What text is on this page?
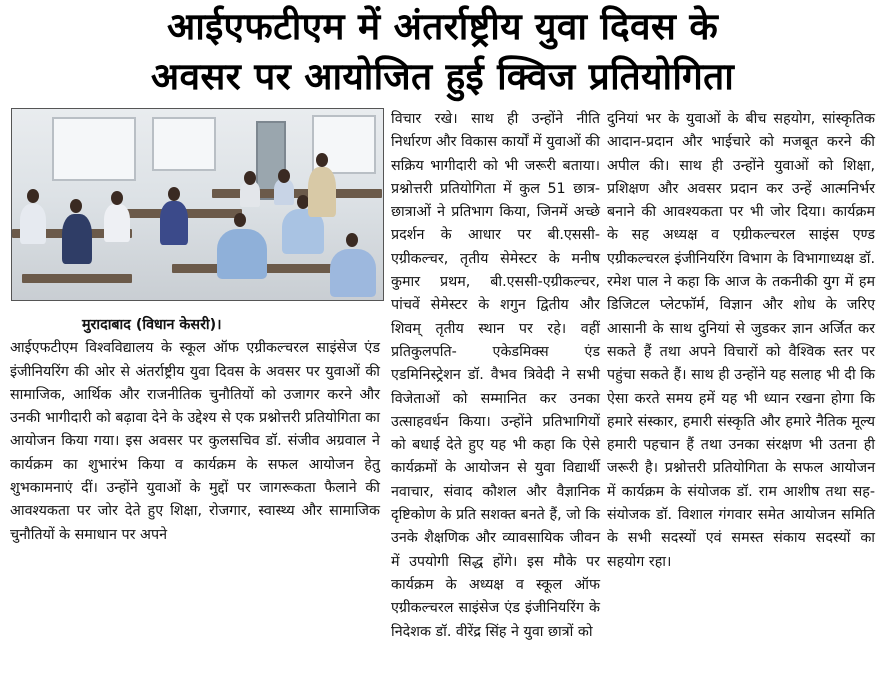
आईएफटीएम में अंतर्राष्ट्रीय युवा दिवस के
अवसर पर आयोजित हुई क्विज प्रतियोगिता

मुरादाबाद (विधान केसरी)।

आईएफटीएम विश्वविद्यालय के स्कूल ऑफ एग्रीकल्चरल साइंसेज एंड इंजीनियरिंग की ओर से अंतर्राष्ट्रीय युवा दिवस के अवसर पर युवाओं की सामाजिक, आर्थिक और राजनीतिक चुनौतियों को उजागर करने और उनकी भागीदारी को बढ़ावा देने के उद्देश्य से एक प्रश्नोत्तरी प्रतियोगिता का आयोजन किया गया। इस अवसर पर कुलसचिव डॉ. संजीव अग्रवाल ने कार्यक्रम का शुभारंभ किया व कार्यक्रम के सफल आयोजन हेतु शुभकामनाएं दीं। उन्होंने युवाओं के मुद्दों पर जागरूकता फैलाने की आवश्यकता पर जोर देते हुए शिक्षा, रोजगार, स्वास्थ्य और सामाजिक चुनौतियों के समाधान पर अपने

विचार रखे। साथ ही उन्होंने नीति निर्धारण और विकास कार्यों में युवाओं की सक्रिय भागीदारी को भी जरूरी बताया। प्रश्नोत्तरी प्रतियोगिता में कुल 51 छात्र-छात्राओं ने प्रतिभाग किया, जिनमें अच्छे प्रदर्शन के आधार पर बी.एससी-एग्रीकल्चर, तृतीय सेमेस्टर के मनीष कुमार प्रथम, बी.एससी-एग्रीकल्चर, पांचवें सेमेस्टर के शगुन द्वितीय और शिवम् तृतीय स्थान पर रहे। वहीं प्रतिकुलपति- एकेडमिक्स एंड एडमिनिस्ट्रेशन डॉ. वैभव त्रिवेदी ने सभी विजेताओं को सम्मानित कर उनका उत्साहवर्धन किया। उन्होंने प्रतिभागियों को बधाई देते हुए यह भी कहा कि ऐसे कार्यक्रमों के आयोजन से युवा विद्यार्थी नवाचार, संवाद कौशल और वैज्ञानिक दृष्टिकोण के प्रति सशक्त बनते हैं, जो कि उनके शैक्षणिक और व्यावसायिक जीवन में उपयोगी सिद्ध होंगे। इस मौके पर कार्यक्रम के अध्यक्ष व स्कूल ऑफ एग्रीकल्चरल साइंसेज एंड इंजीनियरिंग के निदेशक डॉ. वीरेंद्र सिंह ने युवा छात्रों को

दुनियां भर के युवाओं के बीच सहयोग, सांस्कृतिक आदान-प्रदान और भाईचारे को मजबूत करने की अपील की। साथ ही उन्होंने युवाओं को शिक्षा, प्रशिक्षण और अवसर प्रदान कर उन्हें आत्मनिर्भर बनाने की आवश्यकता पर भी जोर दिया। कार्यक्रम के सह अध्यक्ष व एग्रीकल्चरल साइंस एण्ड एग्रीकल्चरल इंजीनियरिंग विभाग के विभागाध्यक्ष डॉ. रमेश पाल ने कहा कि आज के तकनीकी युग में हम डिजिटल प्लेटफॉर्म, विज्ञान और शोध के जरिए आसानी के साथ दुनियां से जुडकर ज्ञान अर्जित कर सकते हैं तथा अपने विचारों को वैश्विक स्तर पर पहुंचा सकते हैं। साथ ही उन्होंने यह सलाह भी दी कि ऐसा करते समय हमें यह भी ध्यान रखना होगा कि हमारे संस्कार, हमारी संस्कृति और हमारे नैतिक मूल्य हमारी पहचान हैं तथा उनका संरक्षण भी उतना ही जरूरी है। प्रश्नोत्तरी प्रतियोगिता के सफल आयोजन में कार्यक्रम के संयोजक डॉ. राम आशीष तथा सह-संयोजक डॉ. विशाल गंगवार समेत आयोजन समिति के सभी सदस्यों एवं समस्त संकाय सदस्यों का सहयोग रहा।
